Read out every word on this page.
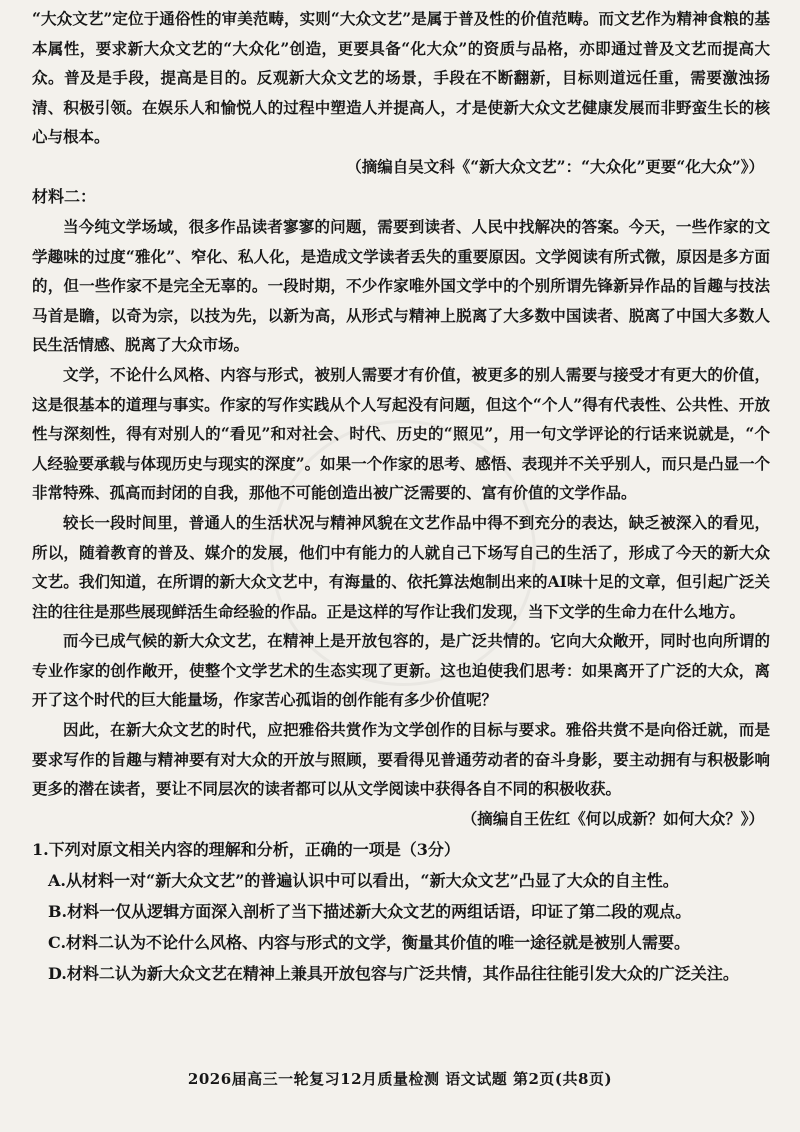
“大众文艺”定位于通俗性的审美范畴，实则“大众文艺”是属于普及性的价值范畴。而文艺作为精神食粮的基本属性，要求新大众文艺的“大众化”创造，更要具备“化大众”的资质与品格，亦即通过普及文艺而提高大众。普及是手段，提高是目的。反观新大众文艺的场景，手段在不断翻新，目标则道远任重，需要激浊扬清、积极引领。在娱乐人和愉悦人的过程中塑造人并提高人，才是使新大众文艺健康发展而非野蛮生长的核心与根本。

（摘编自吴文科《“新大众文艺”：“大众化”更要“化大众”》）

材料二：

当今纯文学场域，很多作品读者寥寥的问题，需要到读者、人民中找解决的答案。今天，一些作家的文学趣味的过度“雅化”、窄化、私人化，是造成文学读者丢失的重要原因。文学阅读有所式微，原因是多方面的，但一些作家不是完全无辜的。一段时期，不少作家唯外国文学中的个别所谓先锋新异作品的旨趣与技法马首是瞻，以奇为宗，以技为先，以新为高，从形式与精神上脱离了大多数中国读者、脱离了中国大多数人民生活情感、脱离了大众市场。

文学，不论什么风格、内容与形式，被别人需要才有价值，被更多的别人需要与接受才有更大的价值，这是很基本的道理与事实。作家的写作实践从个人写起没有问题，但这个“个人”得有代表性、公共性、开放性与深刻性，得有对别人的“看见”和对社会、时代、历史的“照见”，用一句文学评论的行话来说就是，“个人经验要承载与体现历史与现实的深度”。如果一个作家的思考、感悟、表现并不关乎别人，而只是凸显一个非常特殊、孤高而封闭的自我，那他不可能创造出被广泛需要的、富有价值的文学作品。

较长一段时间里，普通人的生活状况与精神风貌在文艺作品中得不到充分的表达，缺乏被深入的看见，所以，随着教育的普及、媒介的发展，他们中有能力的人就自己下场写自己的生活了，形成了今天的新大众文艺。我们知道，在所谓的新大众文艺中，有海量的、依托算法炮制出来的AI味十足的文章，但引起广泛关注的往往是那些展现鲜活生命经验的作品。正是这样的写作让我们发现，当下文学的生命力在什么地方。

而今已成气候的新大众文艺，在精神上是开放包容的，是广泛共情的。它向大众敞开，同时也向所谓的专业作家的创作敞开，使整个文学艺术的生态实现了更新。这也迫使我们思考：如果离开了广泛的大众，离开了这个时代的巨大能量场，作家苦心孤诣的创作能有多少价值呢？

因此，在新大众文艺的时代，应把雅俗共赏作为文学创作的目标与要求。雅俗共赏不是向俗迁就，而是要求写作的旨趣与精神要有对大众的开放与照顾，要看得见普通劳动者的奋斗身影，要主动拥有与积极影响更多的潜在读者，要让不同层次的读者都可以从文学阅读中获得各自不同的积极收获。

（摘编自王佐红《何以成新？如何大众？》）

1.下列对原文相关内容的理解和分析，正确的一项是（3分）

A.从材料一对“新大众文艺”的普遍认识中可以看出，“新大众文艺”凸显了大众的自主性。

B.材料一仅从逻辑方面深入剖析了当下描述新大众文艺的两组话语，印证了第二段的观点。

C.材料二认为不论什么风格、内容与形式的文学，衡量其价值的唯一途径就是被别人需要。

D.材料二认为新大众文艺在精神上兼具开放包容与广泛共情，其作品往往能引发大众的广泛关注。

2026届高三一轮复习12月质量检测 语文试题 第2页(共8页)
